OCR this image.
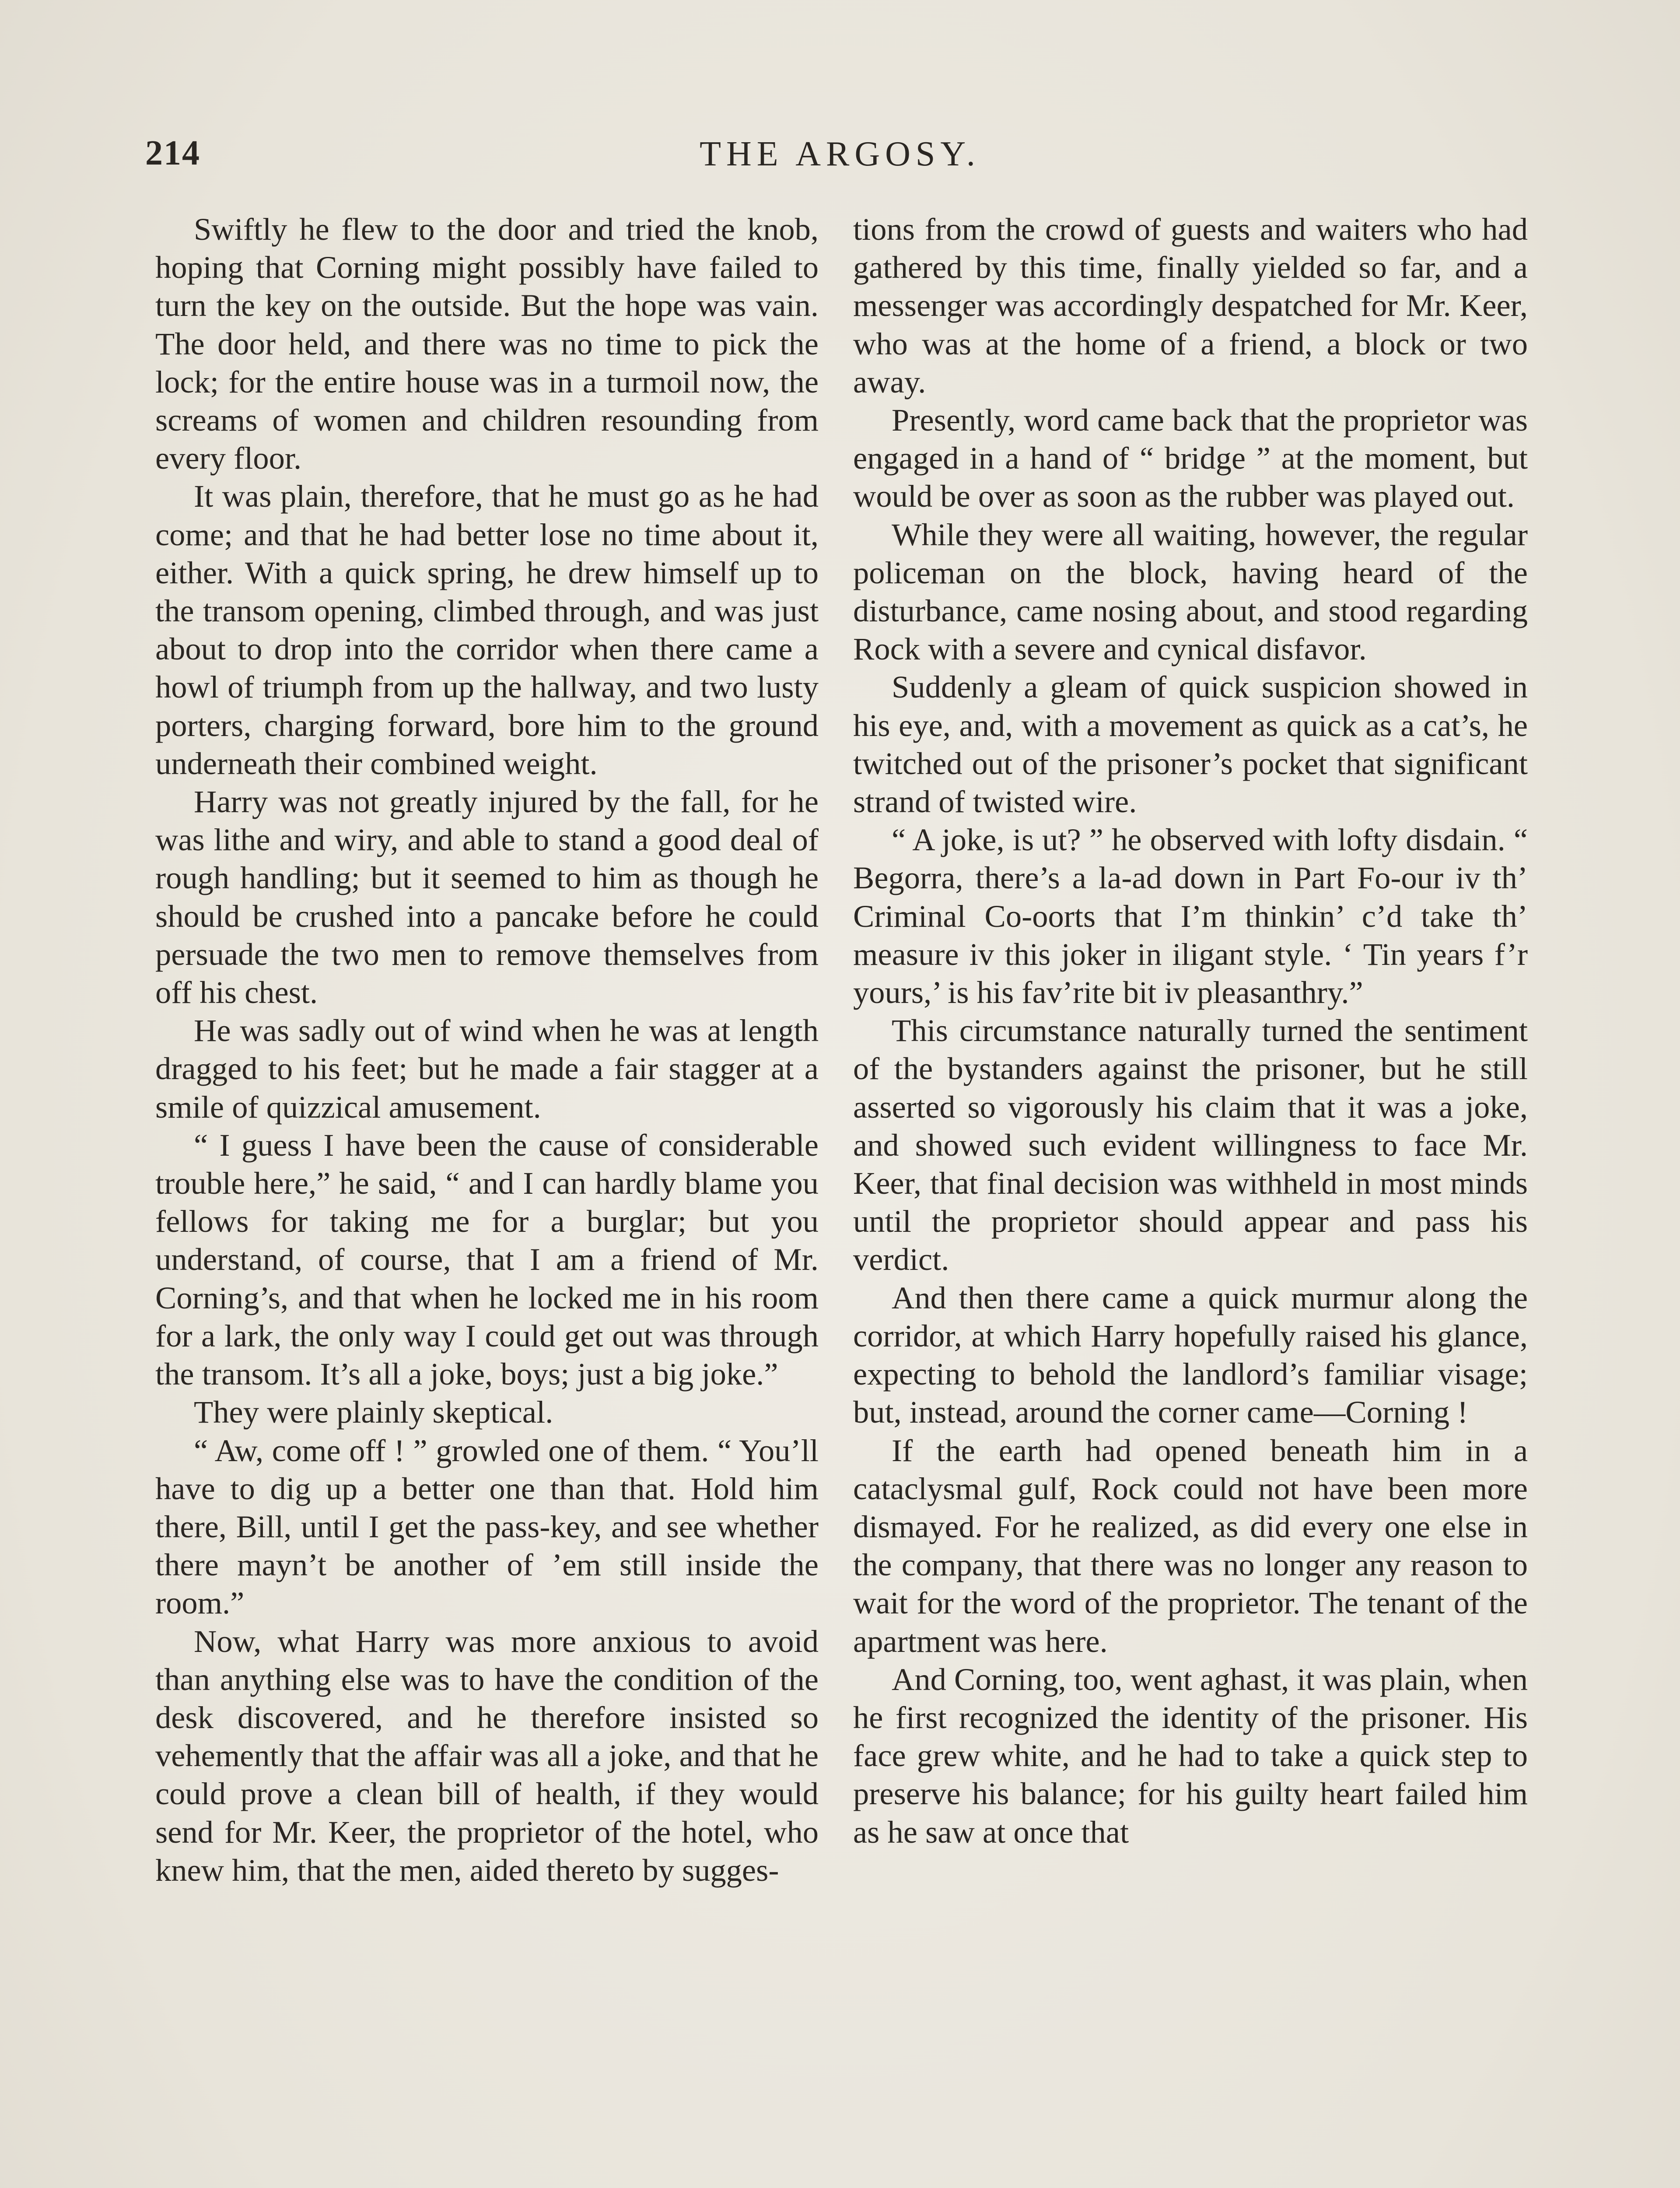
214	THE ARGOSY.

Swiftly he flew to the door and tried the knob, hoping that Corning might possibly have failed to turn the key on the outside. But the hope was vain. The door held, and there was no time to pick the lock; for the entire house was in a turmoil now, the screams of women and children resounding from every floor.

It was plain, therefore, that he must go as he had come; and that he had better lose no time about it, either. With a quick spring, he drew himself up to the transom opening, climbed through, and was just about to drop into the corridor when there came a howl of triumph from up the hallway, and two lusty porters, charging forward, bore him to the ground underneath their combined weight.

Harry was not greatly injured by the fall, for he was lithe and wiry, and able to stand a good deal of rough handling; but it seemed to him as though he should be crushed into a pancake before he could persuade the two men to remove themselves from off his chest.

He was sadly out of wind when he was at length dragged to his feet; but he made a fair stagger at a smile of quizzical amusement.

“ I guess I have been the cause of considerable trouble here,” he said, “ and I can hardly blame you fellows for taking me for a burglar; but you understand, of course, that I am a friend of Mr. Corning’s, and that when he locked me in his room for a lark, the only way I could get out was through the transom. It’s all a joke, boys; just a big joke.”

They were plainly skeptical.

“ Aw, come off ! ” growled one of them. “ You’ll have to dig up a better one than that. Hold him there, Bill, until I get the pass-key, and see whether there mayn’t be another of ’em still inside the room.”

Now, what Harry was more anxious to avoid than anything else was to have the condition of the desk discovered, and he therefore insisted so vehemently that the affair was all a joke, and that he could prove a clean bill of health, if they would send for Mr. Keer, the proprietor of the hotel, who knew him, that the men, aided thereto by sugges-

tions from the crowd of guests and waiters who had gathered by this time, finally yielded so far, and a messenger was accordingly despatched for Mr. Keer, who was at the home of a friend, a block or two away.

Presently, word came back that the proprietor was engaged in a hand of “ bridge ” at the moment, but would be over as soon as the rubber was played out.

While they were all waiting, however, the regular policeman on the block, having heard of the disturbance, came nosing about, and stood regarding Rock with a severe and cynical disfavor.

Suddenly a gleam of quick suspicion showed in his eye, and, with a movement as quick as a cat’s, he twitched out of the prisoner’s pocket that significant strand of twisted wire.

“ A joke, is ut? ” he observed with lofty disdain. “ Begorra, there’s a la-ad down in Part Fo-our iv th’ Criminal Co-oorts that I’m thinkin’ c’d take th’ measure iv this joker in iligant style. ‘ Tin years f’r yours,’ is his fav’rite bit iv pleasanthry.”

This circumstance naturally turned the sentiment of the bystanders against the prisoner, but he still asserted so vigorously his claim that it was a joke, and showed such evident willingness to face Mr. Keer, that final decision was withheld in most minds until the proprietor should appear and pass his verdict.

And then there came a quick murmur along the corridor, at which Harry hopefully raised his glance, expecting to behold the landlord’s familiar visage; but, instead, around the corner came—Corning !

If the earth had opened beneath him in a cataclysmal gulf, Rock could not have been more dismayed. For he realized, as did every one else in the company, that there was no longer any reason to wait for the word of the proprietor. The tenant of the apartment was here.

And Corning, too, went aghast, it was plain, when he first recognized the identity of the prisoner. His face grew white, and he had to take a quick step to preserve his balance; for his guilty heart failed him as he saw at once that
